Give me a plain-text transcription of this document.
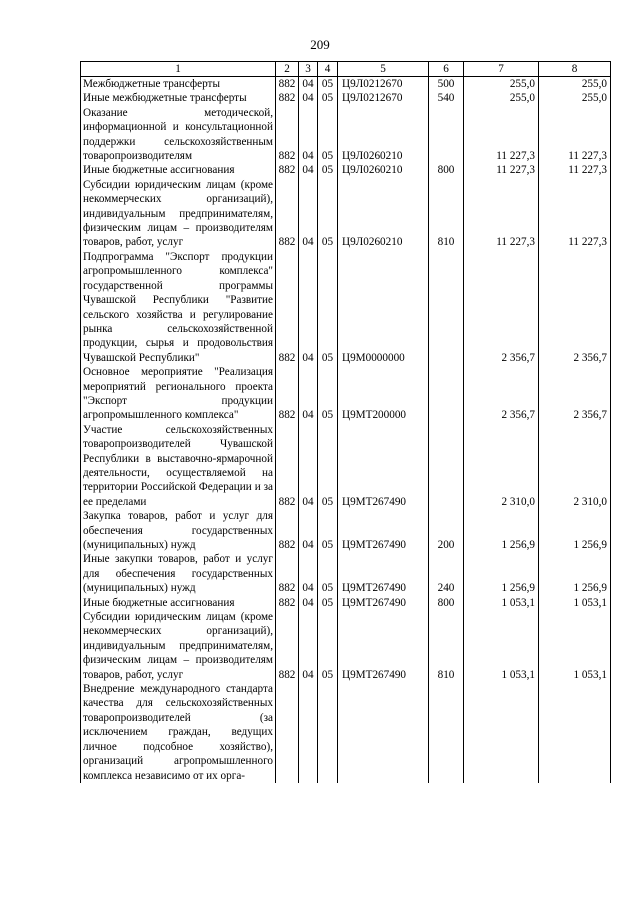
209
1	2	3	4	5	6	7	8
Межбюджетные трансферты	882	04	05	Ц9Л0212670	500	255,0	255,0
Иные межбюджетные трансферты	882	04	05	Ц9Л0212670	540	255,0	255,0
Оказание методической, информационной и консультационной поддержки сельскохозяйственным товаропроизводителям	882	04	05	Ц9Л0260210		11 227,3	11 227,3
Иные бюджетные ассигнования	882	04	05	Ц9Л0260210	800	11 227,3	11 227,3
Субсидии юридическим лицам (кроме некоммерческих организаций), индивидуальным предпринимателям, физическим лицам – производителям товаров, работ, услуг	882	04	05	Ц9Л0260210	810	11 227,3	11 227,3
Подпрограмма "Экспорт продукции агропромышленного комплекса" государственной программы Чувашской Республики "Развитие сельского хозяйства и регулирование рынка сельскохозяйственной продукции, сырья и продовольствия Чувашской Республики"	882	04	05	Ц9М0000000		2 356,7	2 356,7
Основное мероприятие "Реализация мероприятий регионального проекта "Экспорт продукции агропромышленного комплекса"	882	04	05	Ц9МТ200000		2 356,7	2 356,7
Участие сельскохозяйственных товаропроизводителей Чувашской Республики в выставочно-ярмарочной деятельности, осуществляемой на территории Российской Федерации и за ее пределами	882	04	05	Ц9МТ267490		2 310,0	2 310,0
Закупка товаров, работ и услуг для обеспечения государственных (муниципальных) нужд	882	04	05	Ц9МТ267490	200	1 256,9	1 256,9
Иные закупки товаров, работ и услуг для обеспечения государственных (муниципальных) нужд	882	04	05	Ц9МТ267490	240	1 256,9	1 256,9
Иные бюджетные ассигнования	882	04	05	Ц9МТ267490	800	1 053,1	1 053,1
Субсидии юридическим лицам (кроме некоммерческих организаций), индивидуальным предпринимателям, физическим лицам – производителям товаров, работ, услуг	882	04	05	Ц9МТ267490	810	1 053,1	1 053,1
Внедрение международного стандарта качества для сельскохозяйственных товаропроизводителей (за исключением граждан, ведущих личное подсобное хозяйство), организаций агропромышленного комплекса независимо от их орга-							
